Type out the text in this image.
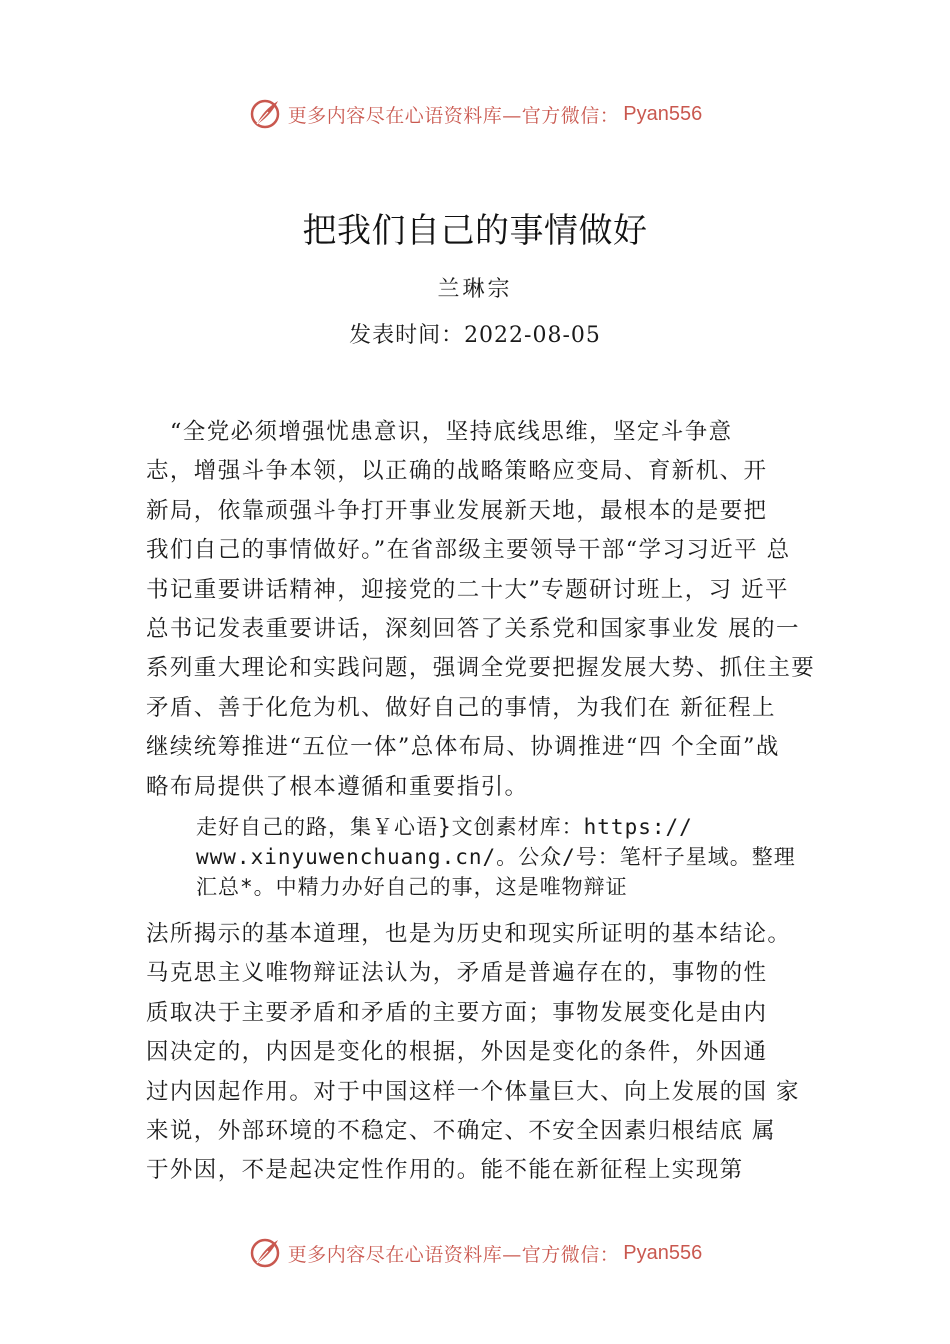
更多内容尽在心语资料库—官方微信： Pyan556
把我们自己的事情做好

兰琳宗

发表时间：2022-08-05

　“全党必须增强忧患意识，坚持底线思维，坚定斗争意
志，增强斗争本领，以正确的战略策略应变局、育新机、开
新局，依靠顽强斗争打开事业发展新天地，最根本的是要把
我们自己的事情做好。”在省部级主要领导干部“学习习近平 总
书记重要讲话精神，迎接党的二十大”专题研讨班上，习 近平
总书记发表重要讲话，深刻回答了关系党和国家事业发 展的一
系列重大理论和实践问题，强调全党要把握发展大势、抓住主要
矛盾、善于化危为机、做好自己的事情，为我们在 新征程上
继续统筹推进“五位一体”总体布局、协调推进“四 个全面”战
略布局提供了根本遵循和重要指引。
走好自己的路，集￥心语}文创素材库：https://
www.xinyuwenchuang.cn/。公众/号：笔杆子星域。整理
汇总*。中精力办好自己的事，这是唯物辩证
法所揭示的基本道理，也是为历史和现实所证明的基本结论。
马克思主义唯物辩证法认为，矛盾是普遍存在的，事物的性
质取决于主要矛盾和矛盾的主要方面；事物发展变化是由内
因决定的，内因是变化的根据，外因是变化的条件，外因通
过内因起作用。对于中国这样一个体量巨大、向上发展的国 家
来说，外部环境的不稳定、不确定、不安全因素归根结底 属
于外因，不是起决定性作用的。能不能在新征程上实现第
更多内容尽在心语资料库—官方微信： Pyan556
